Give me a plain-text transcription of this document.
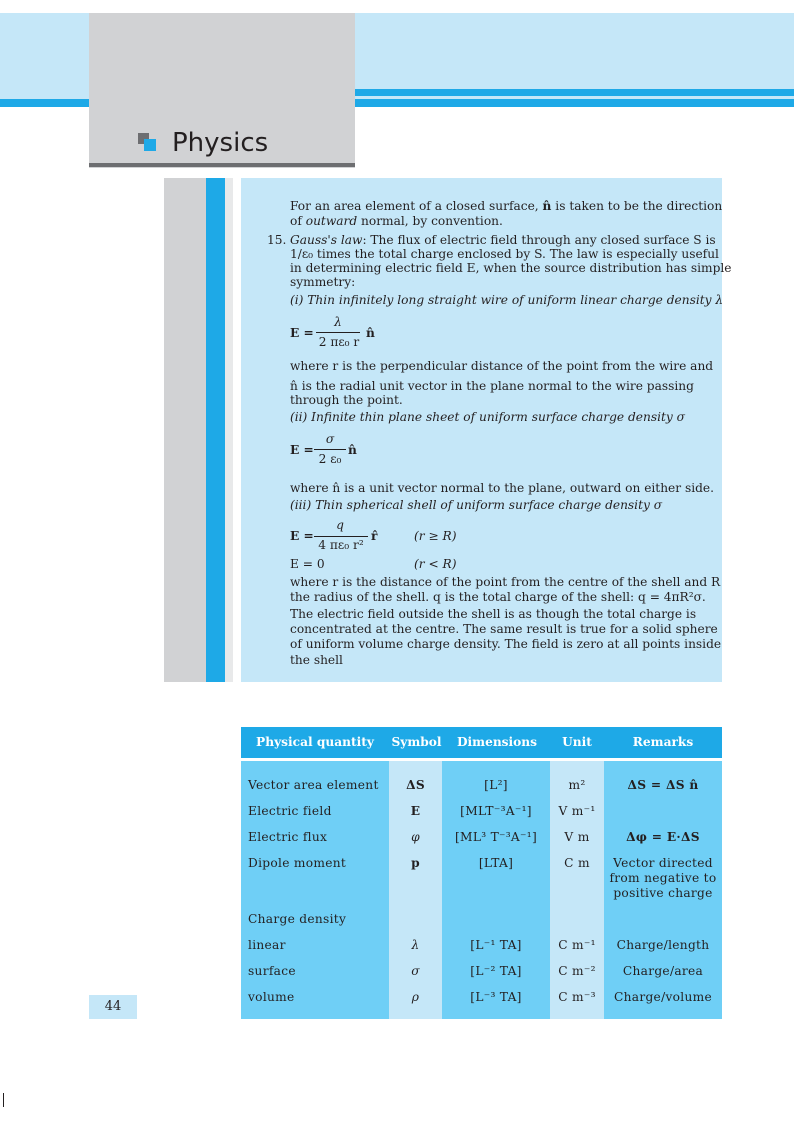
Physics
For an area element of a closed surface, n̂ is taken to be the direction
of outward normal, by convention.
15. Gauss's law: The flux of electric field through any closed surface S is
1/ε₀ times the total charge enclosed by S. The law is especially useful
in determining electric field E, when the source distribution has simple
symmetry:
(i) Thin infinitely long straight wire of uniform linear charge density λ
E =
λ
2 πε₀ r
n̂
where r is the perpendicular distance of the point from the wire and
n̂ is the radial unit vector in the plane normal to the wire passing
through the point.
(ii) Infinite thin plane sheet of uniform surface charge density σ
E =
σ
2 ε₀
n̂
where n̂ is a unit vector normal to the plane, outward on either side.
(iii) Thin spherical shell of uniform surface charge density σ
E =
q
4 πε₀ r²
r̂	(r ≥ R)
E = 0	(r < R)
where r is the distance of the point from the centre of the shell and R
the radius of the shell. q is the total charge of the shell: q = 4πR²σ.
The electric field outside the shell is as though the total charge is
concentrated at the centre. The same result is true for a solid sphere
of uniform volume charge density. The field is zero at all points inside
the shell
44
Physical quantity	Symbol	Dimensions	Unit	Remarks
Vector area element	ΔS	[L²]	m²	ΔS = ΔS n̂
Electric field	E	[MLT⁻³A⁻¹]	V m⁻¹
Electric flux	φ	[ML³ T⁻³A⁻¹]	V m	Δφ = E·ΔS
Dipole moment	p	[LTA]	C m	Vector directed
from negative to
positive charge
Charge density
linear	λ	[L⁻¹ TA]	C m⁻¹	Charge/length
surface	σ	[L⁻² TA]	C m⁻²	Charge/area
volume	ρ	[L⁻³ TA]	C m⁻³	Charge/volume
